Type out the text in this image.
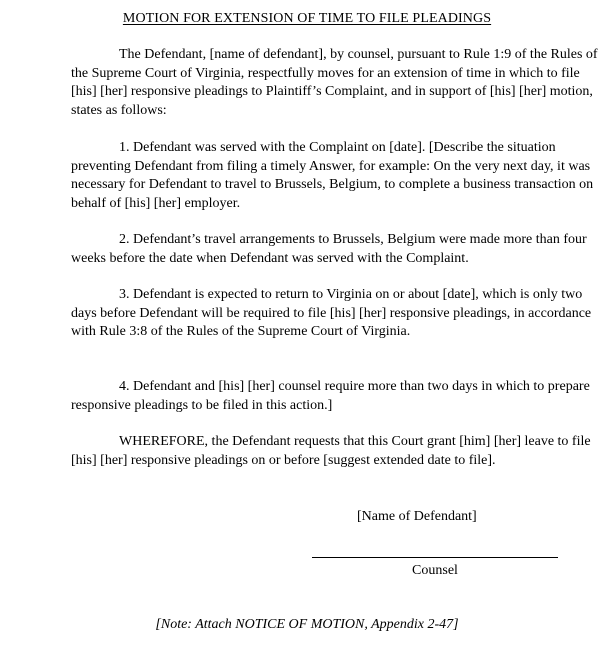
MOTION FOR EXTENSION OF TIME TO FILE PLEADINGS

The Defendant, [name of defendant], by counsel, pursuant to Rule 1:9 of the Rules of the Supreme Court of Virginia, respectfully moves for an extension of time in which to file [his] [her] responsive pleadings to Plaintiff’s Complaint, and in support of [his] [her] motion, states as follows:

1. Defendant was served with the Complaint on [date]. [Describe the situation preventing Defendant from filing a timely Answer, for example: On the very next day, it was necessary for Defendant to travel to Brussels, Belgium, to complete a business transaction on behalf of [his] [her] employer.

2. Defendant’s travel arrangements to Brussels, Belgium were made more than four weeks before the date when Defendant was served with the Complaint.

3. Defendant is expected to return to Virginia on or about [date], which is only two days before Defendant will be required to file [his] [her] responsive pleadings, in accordance with Rule 3:8 of the Rules of the Supreme Court of Virginia.

4. Defendant and [his] [her] counsel require more than two days in which to prepare responsive pleadings to be filed in this action.]

WHEREFORE, the Defendant requests that this Court grant [him] [her] leave to file [his] [her] responsive pleadings on or before [suggest extended date to file].

[Name of Defendant]
Counsel
[Note: Attach NOTICE OF MOTION, Appendix 2-47]
